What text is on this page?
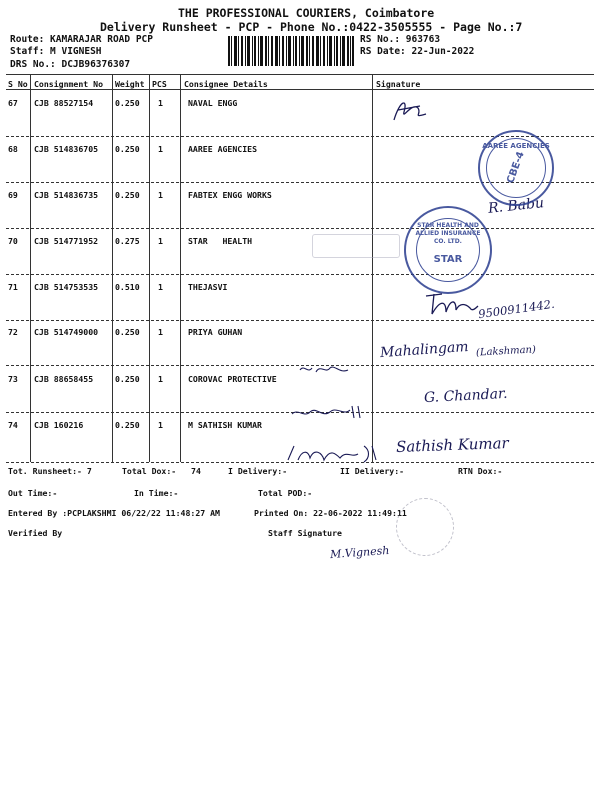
THE PROFESSIONAL COURIERS, Coimbatore
Delivery Runsheet - PCP - Phone No.:0422-3505555 - Page No.:7
Route: KAMARAJAR ROAD PCP
Staff: M VIGNESH
DRS No.: DCJB96376307
RS No.: 963763
RS Date: 22-Jun-2022
S No Consignment No Weight PCS Consignee Details	Signature
67 CJB 88527154	0.250 1	NAVAL ENGG
68 CJB 514836705 0.250 1	AAREE AGENCIES
69 CJB 514836735 0.250 1	FABTEX ENGG WORKS
70 CJB 514771952 0.275 1	STAR   HEALTH
71 CJB 514753535 0.510 1	THEJASVI
72 CJB 514749000 0.250 1	PRIYA GUHAN
73 CJB 88658455	0.250 1	COROVAC PROTECTIVE
74 CJB 160216	0.250 1	M SATHISH KUMAR
Tot. Runsheet:- 7	Total Dox:-   74	I Delivery:-	II Delivery:-	RTN Dox:-
Out Time:-	In Time:-	Total POD:-
Entered By :PCPLAKSHMI 06/22/22 11:48:27 AM	Printed On: 22-06-2022 11:49:11
Verified By	Staff Signature
R. Babu
9500911442.
Mahalingam (Lakshman)
G. Chandar.
Sathish Kumar
M.Vignesh
AAREE AGENCIES
CBE-4
STAR HEALTH AND ALLIED INSURANCE CO. LTD.
STAR
